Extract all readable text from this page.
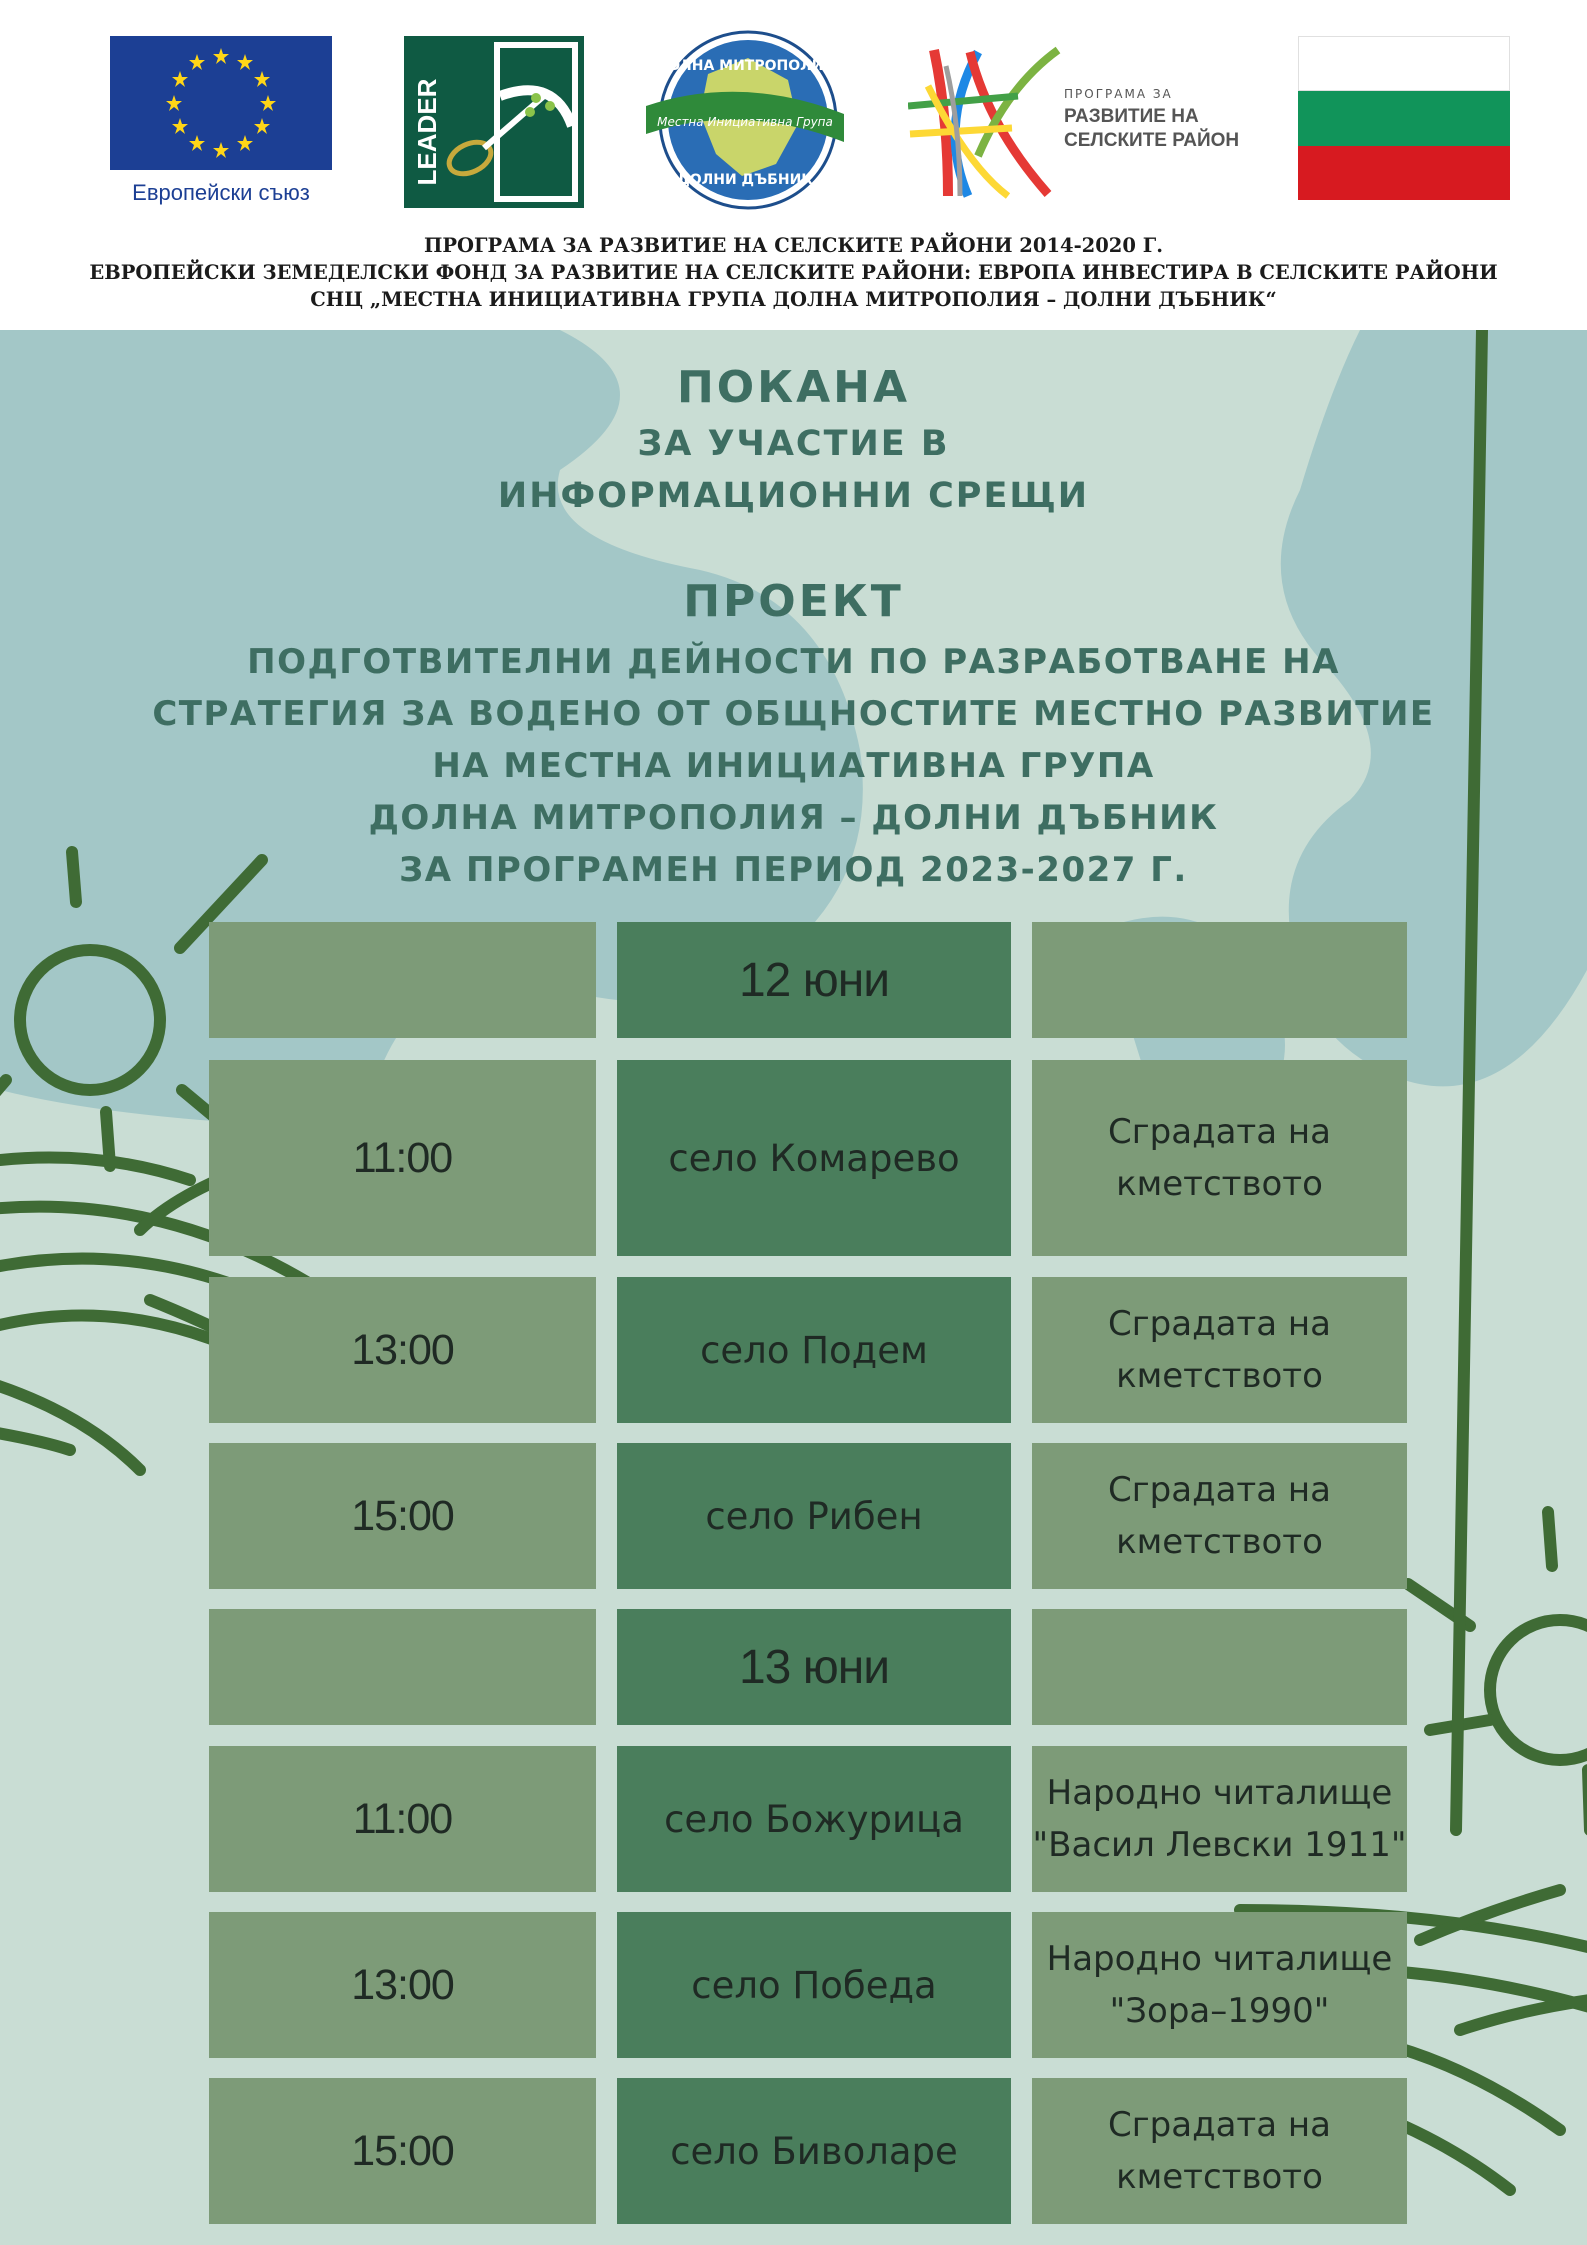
Европейски съюз
LEADER
ДОЛНА МИТРОПОЛИЯ
Местна Инициативна Група
ДОЛНИ ДЪБНИК
ПРОГРАМА ЗА
РАЗВИТИЕ НА
СЕЛСКИТЕ РАЙОНИ
ПРОГРАМА ЗА РАЗВИТИЕ НА СЕЛСКИТЕ РАЙОНИ 2014-2020 Г.
ЕВРОПЕЙСКИ ЗЕМЕДЕЛСКИ ФОНД ЗА РАЗВИТИЕ НА СЕЛСКИТЕ РАЙОНИ: ЕВРОПА ИНВЕСТИРА В СЕЛСКИТЕ РАЙОНИ
СНЦ „МЕСТНА ИНИЦИАТИВНА ГРУПА ДОЛНА МИТРОПОЛИЯ – ДОЛНИ ДЪБНИК“
ПОКАНА
ЗА УЧАСТИЕ В
ИНФОРМАЦИОННИ СРЕЩИ
ПРОЕКТ
ПОДГОТВИТЕЛНИ ДЕЙНОСТИ ПО РАЗРАБОТВАНЕ НА
СТРАТЕГИЯ ЗА ВОДЕНО ОТ ОБЩНОСТИТЕ МЕСТНО РАЗВИТИЕ
НА МЕСТНА ИНИЦИАТИВНА ГРУПА
ДОЛНА МИТРОПОЛИЯ – ДОЛНИ ДЪБНИК
ЗА ПРОГРАМЕН ПЕРИОД 2023-2027 Г.
12 юни
11:00	село Комарево
Сградата на
кметството
13:00	село Подем
Сградата на
кметството
15:00	село Рибен
Сградата на
кметството
13 юни
11:00	село Божурица
Народно читалище
"Васил Левски 1911"
13:00	село Победа
Народно читалище
"Зора–1990"
15:00	село Биволаре
Сградата на
кметството
